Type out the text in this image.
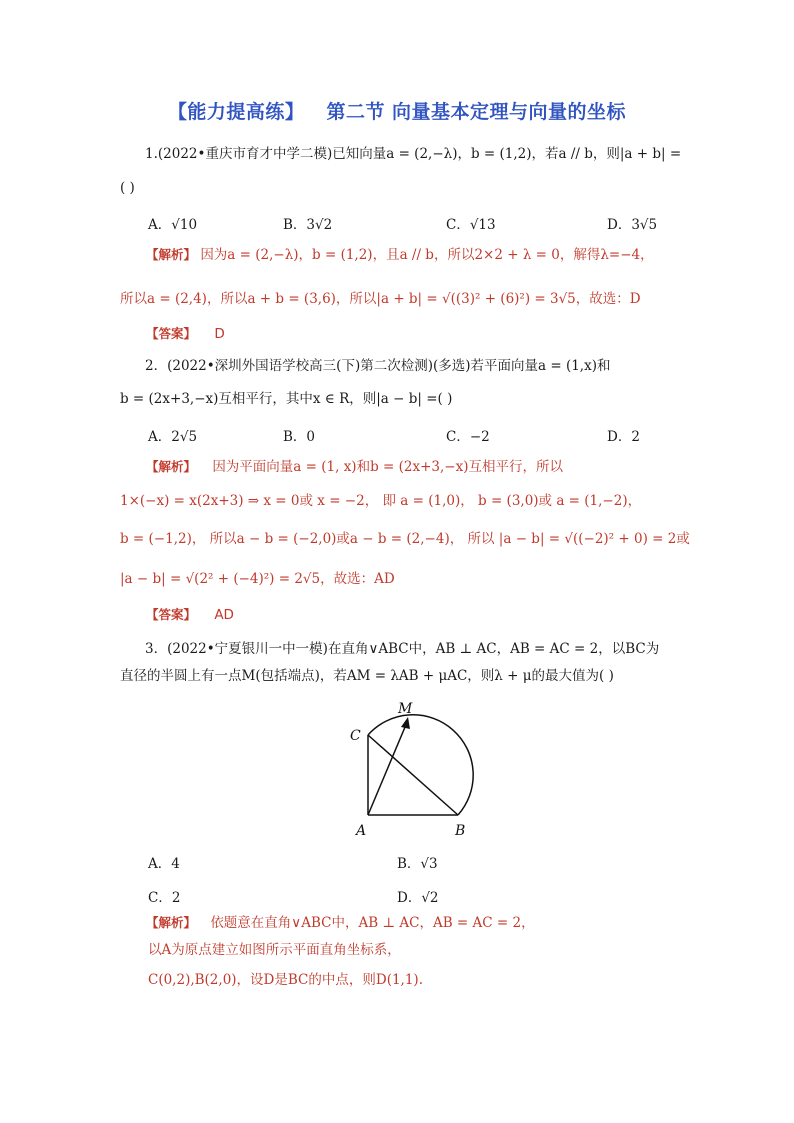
【能力提高练】 第二节 向量基本定理与向量的坐标
1.(2022•重庆市育才中学二模)已知向量a = (2,−λ)，b = (1,2)，若a // b，则|a + b| =
( )
A．√10	B．3√2	C．√13	D．3√5
【解析】 因为a = (2,−λ)，b = (1,2)，且a // b，所以2×2 + λ = 0，解得λ=−4，
所以a = (2,4)，所以a + b = (3,6)，所以|a + b| = √((3)² + (6)²) = 3√5，故选：D
【答案】 D
2．(2022•深圳外国语学校高三(下)第二次检测)(多选)若平面向量a = (1,x)和
b = (2x+3,−x)互相平行，其中x ∈ R，则|a − b| =( )
A．2√5	B．0	C．−2	D．2
【解析】 因为平面向量a = (1, x)和b = (2x+3,−x)互相平行，所以
1×(−x) = x(2x+3) ⇒ x = 0或 x = −2， 即 a = (1,0)， b = (3,0)或 a = (1,−2)，
b = (−1,2)， 所以a − b = (−2,0)或a − b = (2,−4)， 所以 |a − b| = √((−2)² + 0) = 2或
|a − b| = √(2² + (−4)²) = 2√5，故选：AD
【答案】 AD
3．(2022•宁夏银川一中一模)在直角∨ABC中，AB ⊥ AC，AB = AC = 2，以BC为
直径的半圆上有一点M(包括端点)，若AM = λAB + μAC，则λ + μ的最大值为( )
M
C
A	B
A．4	B．√3
C．2	D．√2
【解析】 依题意在直角∨ABC中，AB ⊥ AC，AB = AC = 2，
以A为原点建立如图所示平面直角坐标系，
C(0,2),B(2,0)，设D是BC的中点，则D(1,1).
